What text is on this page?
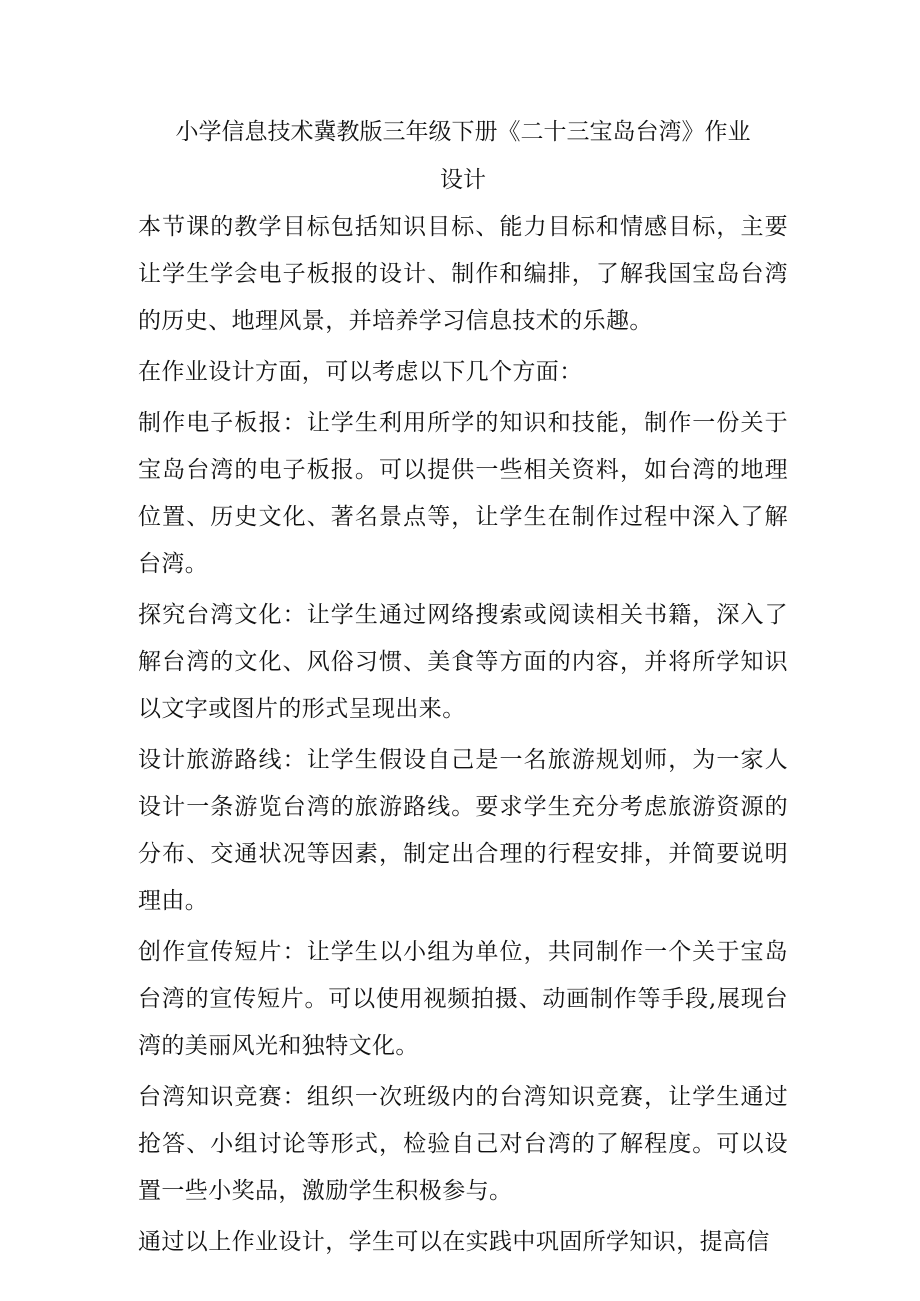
小学信息技术冀教版三年级下册《二十三宝岛台湾》作业
设计

本节课的教学目标包括知识目标、能力目标和情感目标，主要让学生学会电子板报的设计、制作和编排，了解我国宝岛台湾的历史、地理风景，并培养学习信息技术的乐趣。

在作业设计方面，可以考虑以下几个方面：

制作电子板报：让学生利用所学的知识和技能，制作一份关于宝岛台湾的电子板报。可以提供一些相关资料，如台湾的地理位置、历史文化、著名景点等，让学生在制作过程中深入了解台湾。

探究台湾文化：让学生通过网络搜索或阅读相关书籍，深入了解台湾的文化、风俗习惯、美食等方面的内容，并将所学知识以文字或图片的形式呈现出来。

设计旅游路线：让学生假设自己是一名旅游规划师，为一家人设计一条游览台湾的旅游路线。要求学生充分考虑旅游资源的分布、交通状况等因素，制定出合理的行程安排，并简要说明理由。

创作宣传短片：让学生以小组为单位，共同制作一个关于宝岛台湾的宣传短片。可以使用视频拍摄、动画制作等手段,展现台湾的美丽风光和独特文化。

台湾知识竞赛：组织一次班级内的台湾知识竞赛，让学生通过抢答、小组讨论等形式，检验自己对台湾的了解程度。可以设置一些小奖品，激励学生积极参与。

通过以上作业设计，学生可以在实践中巩固所学知识，提高信
